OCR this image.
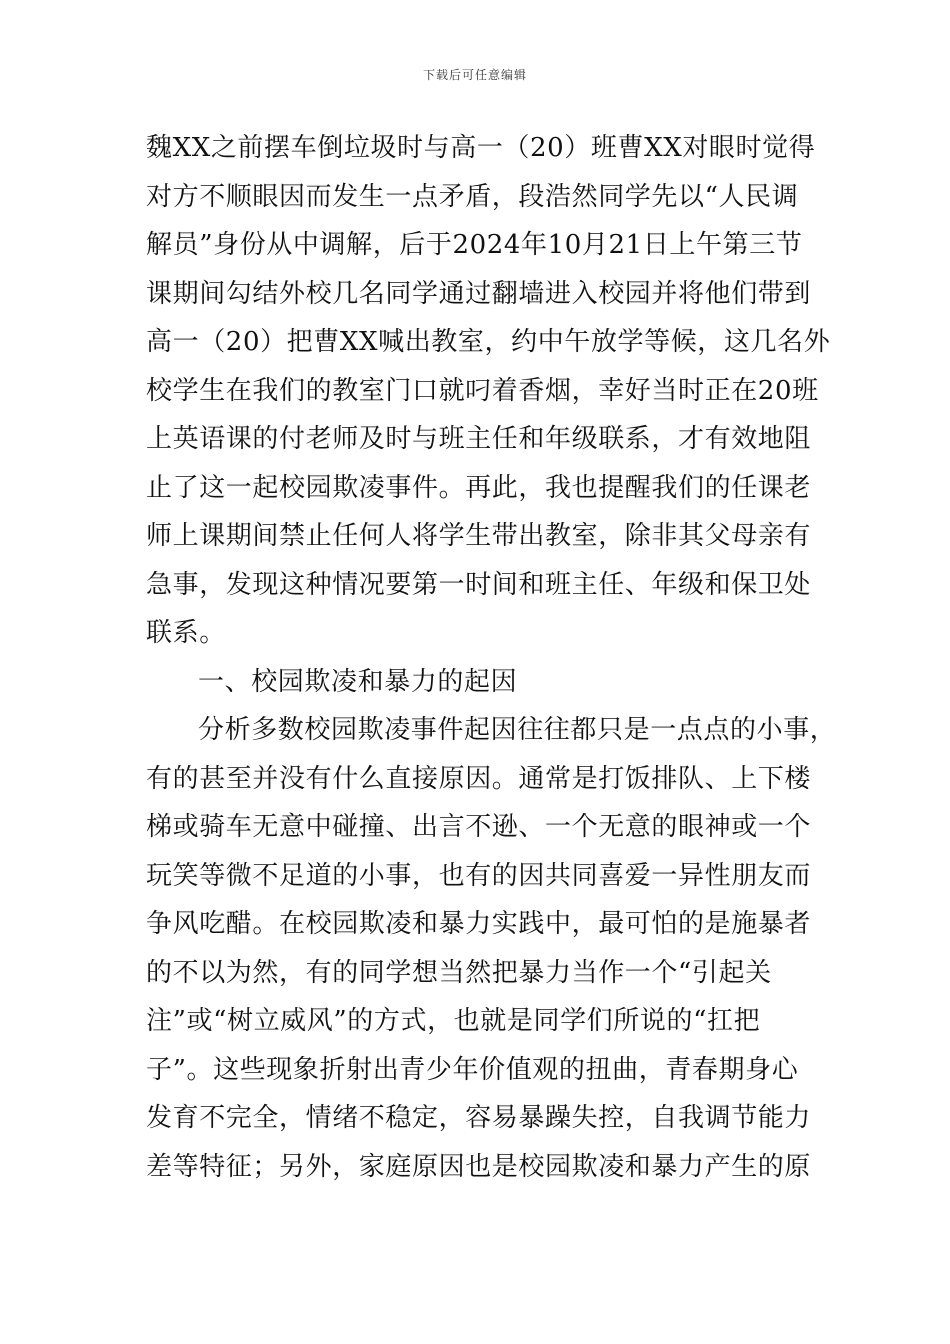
下载后可任意编辑
魏XX之前摆车倒垃圾时与高一（20）班曹XX对眼时觉得
对方不顺眼因而发生一点矛盾，段浩然同学先以“人民调
解员”身份从中调解，后于2024年10月21日上午第三节
课期间勾结外校几名同学通过翻墙进入校园并将他们带到
高一（20）把曹XX喊出教室，约中午放学等候，这几名外
校学生在我们的教室门口就叼着香烟，幸好当时正在20班
上英语课的付老师及时与班主任和年级联系，才有效地阻
止了这一起校园欺凌事件。再此，我也提醒我们的任课老
师上课期间禁止任何人将学生带出教室，除非其父母亲有
急事，发现这种情况要第一时间和班主任、年级和保卫处
联系。
一、校园欺凌和暴力的起因
分析多数校园欺凌事件起因往往都只是一点点的小事，
有的甚至并没有什么直接原因。通常是打饭排队、上下楼
梯或骑车无意中碰撞、出言不逊、一个无意的眼神或一个
玩笑等微不足道的小事，也有的因共同喜爱一异性朋友而
争风吃醋。在校园欺凌和暴力实践中，最可怕的是施暴者
的不以为然，有的同学想当然把暴力当作一个“引起关
注”或“树立威风”的方式，也就是同学们所说的“扛把
子”。这些现象折射出青少年价值观的扭曲，青春期身心
发育不完全，情绪不稳定，容易暴躁失控，自我调节能力
差等特征；另外，家庭原因也是校园欺凌和暴力产生的原
